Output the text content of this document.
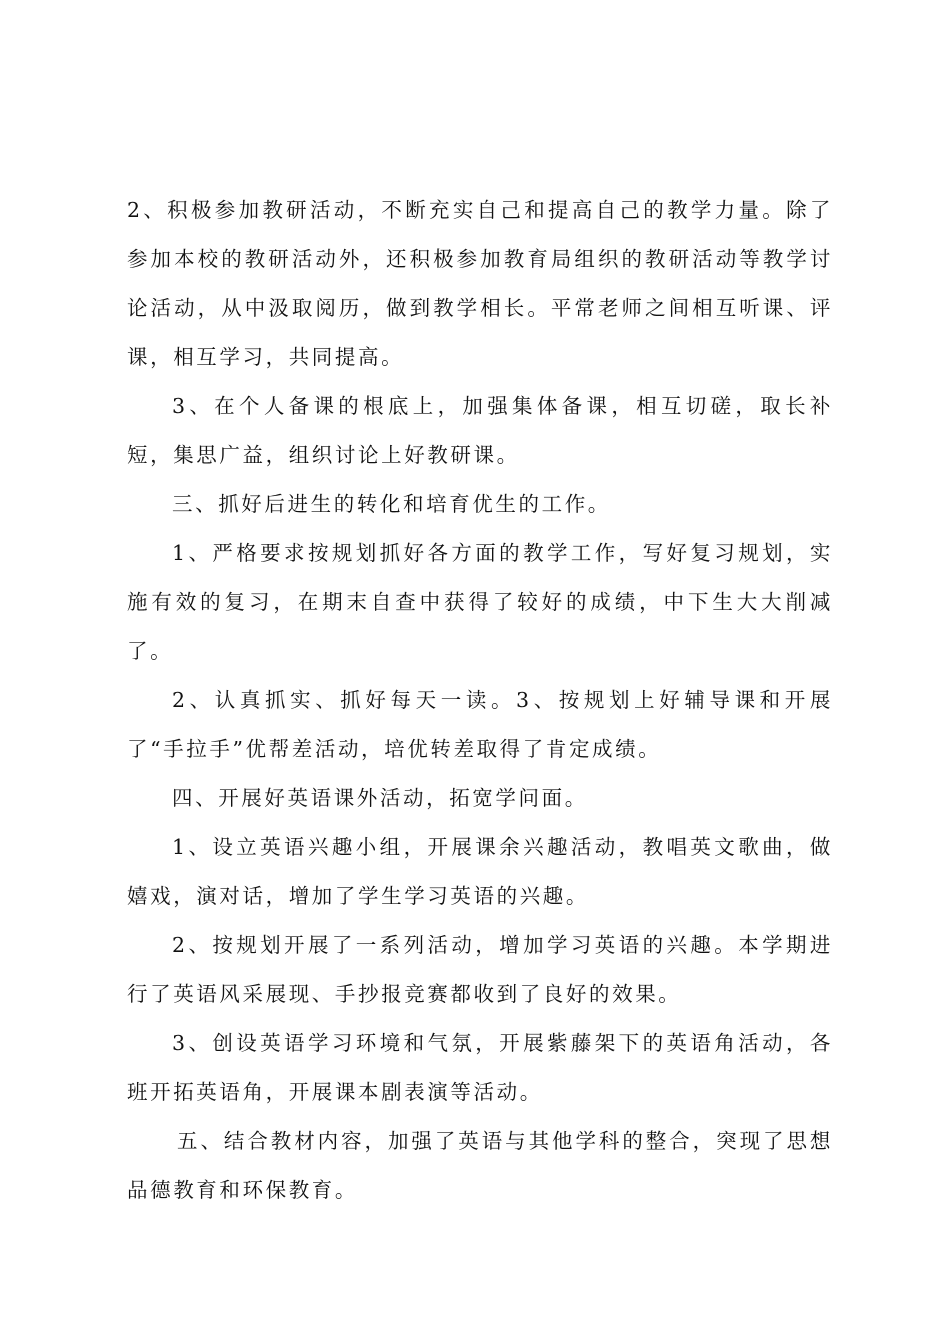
2、积极参加教研活动，不断充实自己和提高自己的教学力量。除了参加本校的教研活动外，还积极参加教育局组织的教研活动等教学讨论活动，从中汲取阅历，做到教学相长。平常老师之间相互听课、评课，相互学习，共同提高。

3、在个人备课的根底上，加强集体备课，相互切磋，取长补短，集思广益，组织讨论上好教研课。

三、抓好后进生的转化和培育优生的工作。

1、严格要求按规划抓好各方面的教学工作，写好复习规划，实施有效的复习，在期末自查中获得了较好的成绩，中下生大大削减了。

2、认真抓实、抓好每天一读。3、按规划上好辅导课和开展了“手拉手”优帮差活动，培优转差取得了肯定成绩。

四、开展好英语课外活动，拓宽学问面。

1、设立英语兴趣小组，开展课余兴趣活动，教唱英文歌曲，做嬉戏，演对话，增加了学生学习英语的兴趣。

2、按规划开展了一系列活动，增加学习英语的兴趣。本学期进行了英语风采展现、手抄报竞赛都收到了良好的效果。

3、创设英语学习环境和气氛，开展紫藤架下的英语角活动，各班开拓英语角，开展课本剧表演等活动。

五、结合教材内容，加强了英语与其他学科的整合，突现了思想品德教育和环保教育。
